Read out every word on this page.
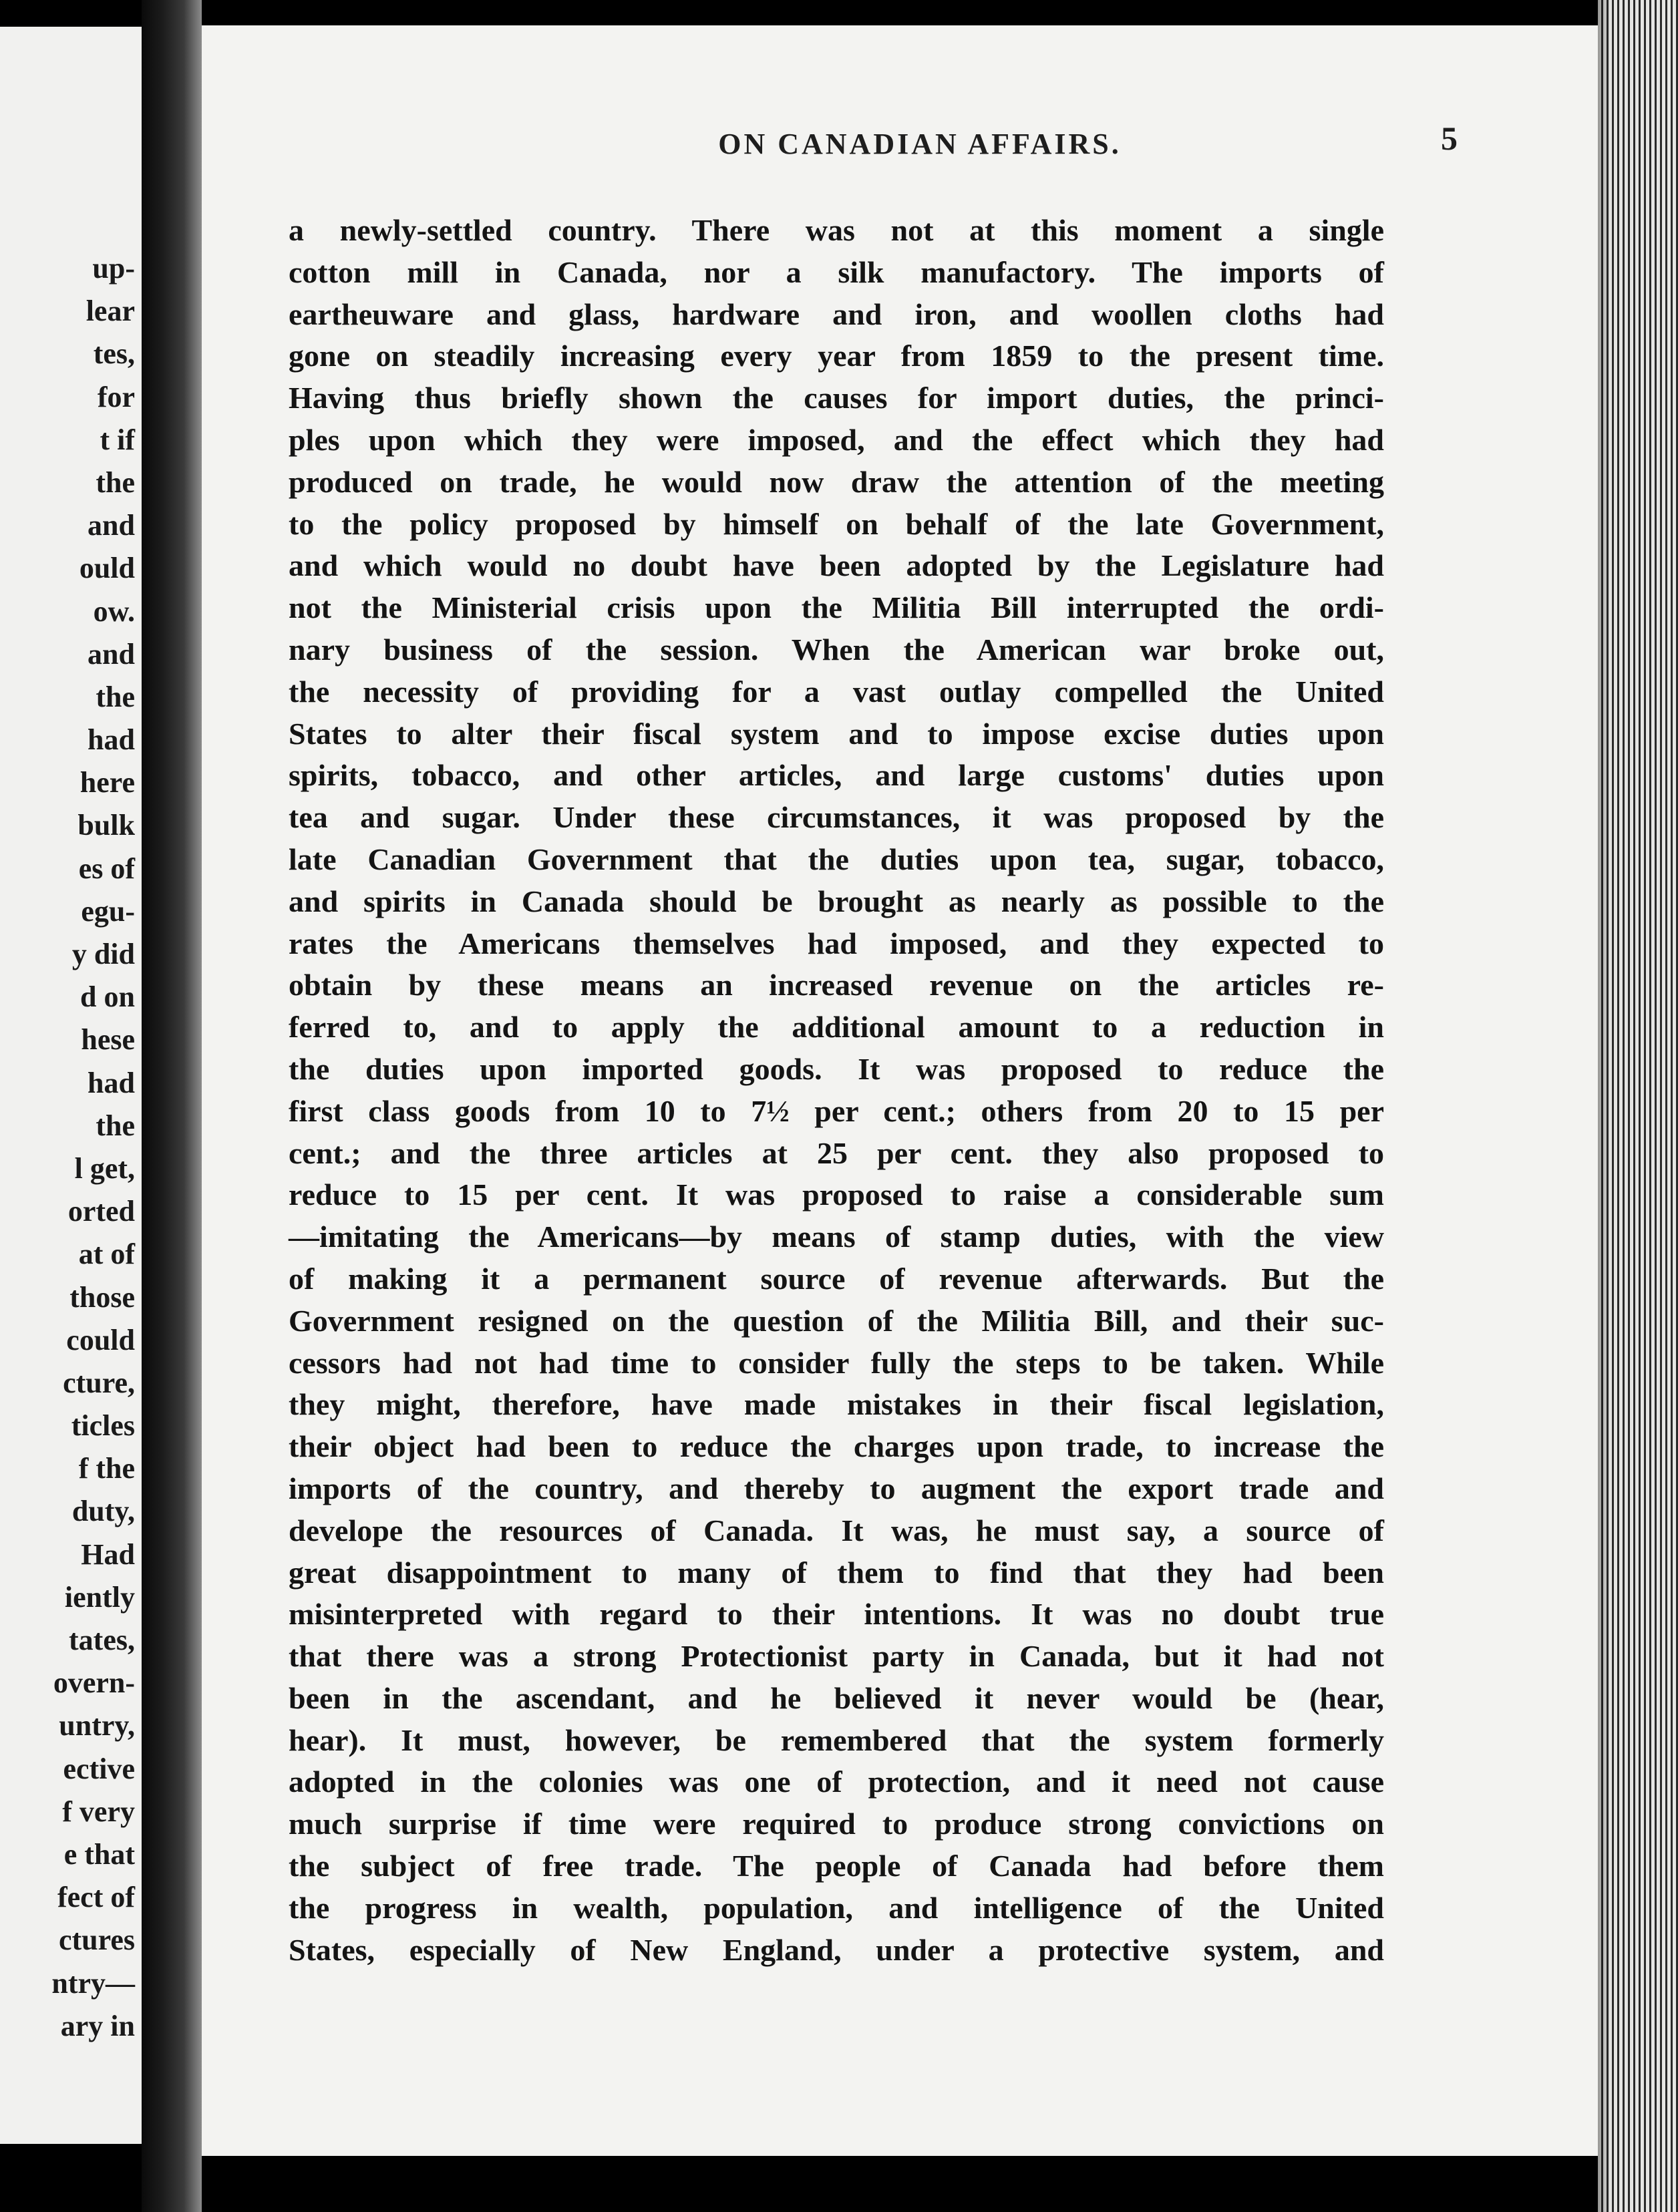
up-
lear
tes,
for
t if
the
and
ould
ow.
and
the
had
here
bulk
es of
egu-
y did
d on
hese
had
the
l get,
orted
at of
those
could
cture,
ticles
f the
duty,
Had
iently
tates,
overn-
untry,
ective
f very
e that
fect of
ctures
ntry—
ary in
ON CANADIAN AFFAIRS.	5
a newly-settled country. There was not at this moment a single
cotton mill in Canada, nor a silk manufactory. The imports of
eartheuware and glass, hardware and iron, and woollen cloths had
gone on steadily increasing every year from 1859 to the present time.
Having thus briefly shown the causes for import duties, the princi-
ples upon which they were imposed, and the effect which they had
produced on trade, he would now draw the attention of the meeting
to the policy proposed by himself on behalf of the late Government,
and which would no doubt have been adopted by the Legislature had
not the Ministerial crisis upon the Militia Bill interrupted the ordi-
nary business of the session. When the American war broke out,
the necessity of providing for a vast outlay compelled the United
States to alter their fiscal system and to impose excise duties upon
spirits, tobacco, and other articles, and large customs' duties upon
tea and sugar. Under these circumstances, it was proposed by the
late Canadian Government that the duties upon tea, sugar, tobacco,
and spirits in Canada should be brought as nearly as possible to the
rates the Americans themselves had imposed, and they expected to
obtain by these means an increased revenue on the articles re-
ferred to, and to apply the additional amount to a reduction in
the duties upon imported goods. It was proposed to reduce the
first class goods from 10 to 7½ per cent.; others from 20 to 15 per
cent.; and the three articles at 25 per cent. they also proposed to
reduce to 15 per cent. It was proposed to raise a considerable sum
—imitating the Americans—by means of stamp duties, with the view
of making it a permanent source of revenue afterwards. But the
Government resigned on the question of the Militia Bill, and their suc-
cessors had not had time to consider fully the steps to be taken. While
they might, therefore, have made mistakes in their fiscal legislation,
their object had been to reduce the charges upon trade, to increase the
imports of the country, and thereby to augment the export trade and
develope the resources of Canada. It was, he must say, a source of
great disappointment to many of them to find that they had been
misinterpreted with regard to their intentions. It was no doubt true
that there was a strong Protectionist party in Canada, but it had not
been in the ascendant, and he believed it never would be (hear,
hear). It must, however, be remembered that the system formerly
adopted in the colonies was one of protection, and it need not cause
much surprise if time were required to produce strong convictions on
the subject of free trade. The people of Canada had before them
the progress in wealth, population, and intelligence of the United
States, especially of New England, under a protective system, and
